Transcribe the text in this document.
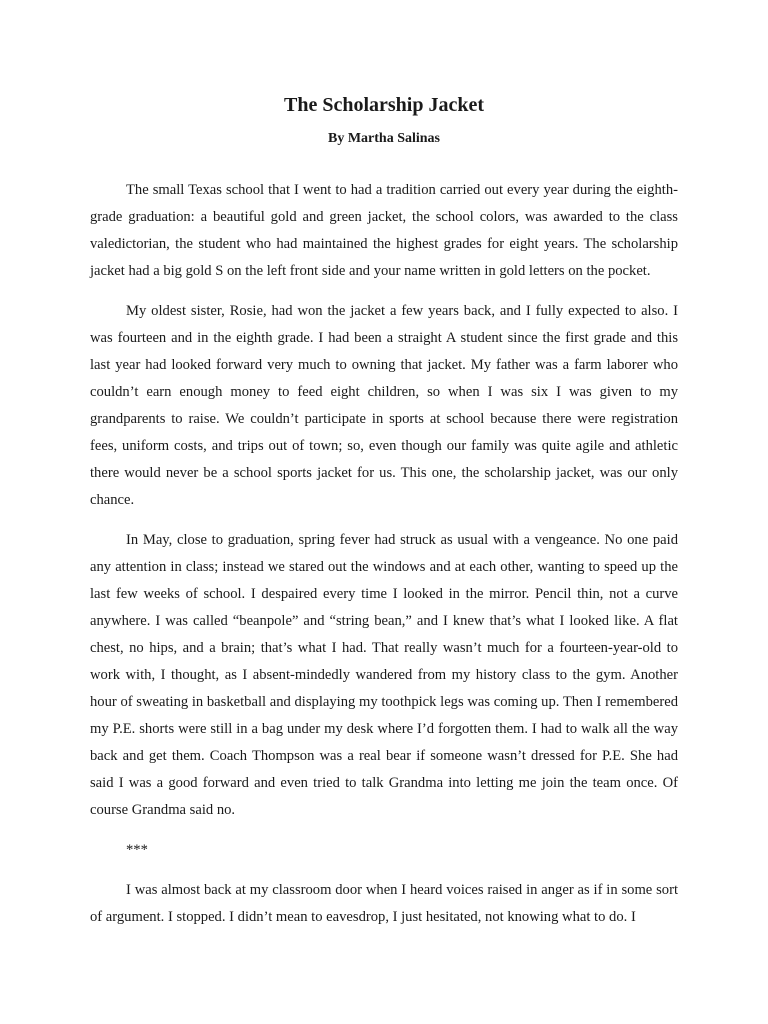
The Scholarship Jacket
By Martha Salinas

The small Texas school that I went to had a tradition carried out every year during the eighth-grade graduation: a beautiful gold and green jacket, the school colors, was awarded to the class valedictorian, the student who had maintained the highest grades for eight years. The scholarship jacket had a big gold S on the left front side and your name written in gold letters on the pocket.

My oldest sister, Rosie, had won the jacket a few years back, and I fully expected to also. I was fourteen and in the eighth grade. I had been a straight A student since the first grade and this last year had looked forward very much to owning that jacket. My father was a farm laborer who couldn’t earn enough money to feed eight children, so when I was six I was given to my grandparents to raise. We couldn’t participate in sports at school because there were registration fees, uniform costs, and trips out of town; so, even though our family was quite agile and athletic there would never be a school sports jacket for us. This one, the scholarship jacket, was our only chance.

In May, close to graduation, spring fever had struck as usual with a vengeance. No one paid any attention in class; instead we stared out the windows and at each other, wanting to speed up the last few weeks of school. I despaired every time I looked in the mirror. Pencil thin, not a curve anywhere. I was called “beanpole” and “string bean,” and I knew that’s what I looked like. A flat chest, no hips, and a brain; that’s what I had. That really wasn’t much for a fourteen-year-old to work with, I thought, as I absent-mindedly wandered from my history class to the gym. Another hour of sweating in basketball and displaying my toothpick legs was coming up. Then I remembered my P.E. shorts were still in a bag under my desk where I’d forgotten them. I had to walk all the way back and get them. Coach Thompson was a real bear if someone wasn’t dressed for P.E. She had said I was a good forward and even tried to talk Grandma into letting me join the team once. Of course Grandma said no.

***

I was almost back at my classroom door when I heard voices raised in anger as if in some sort of argument. I stopped. I didn’t mean to eavesdrop, I just hesitated, not knowing what to do. I
